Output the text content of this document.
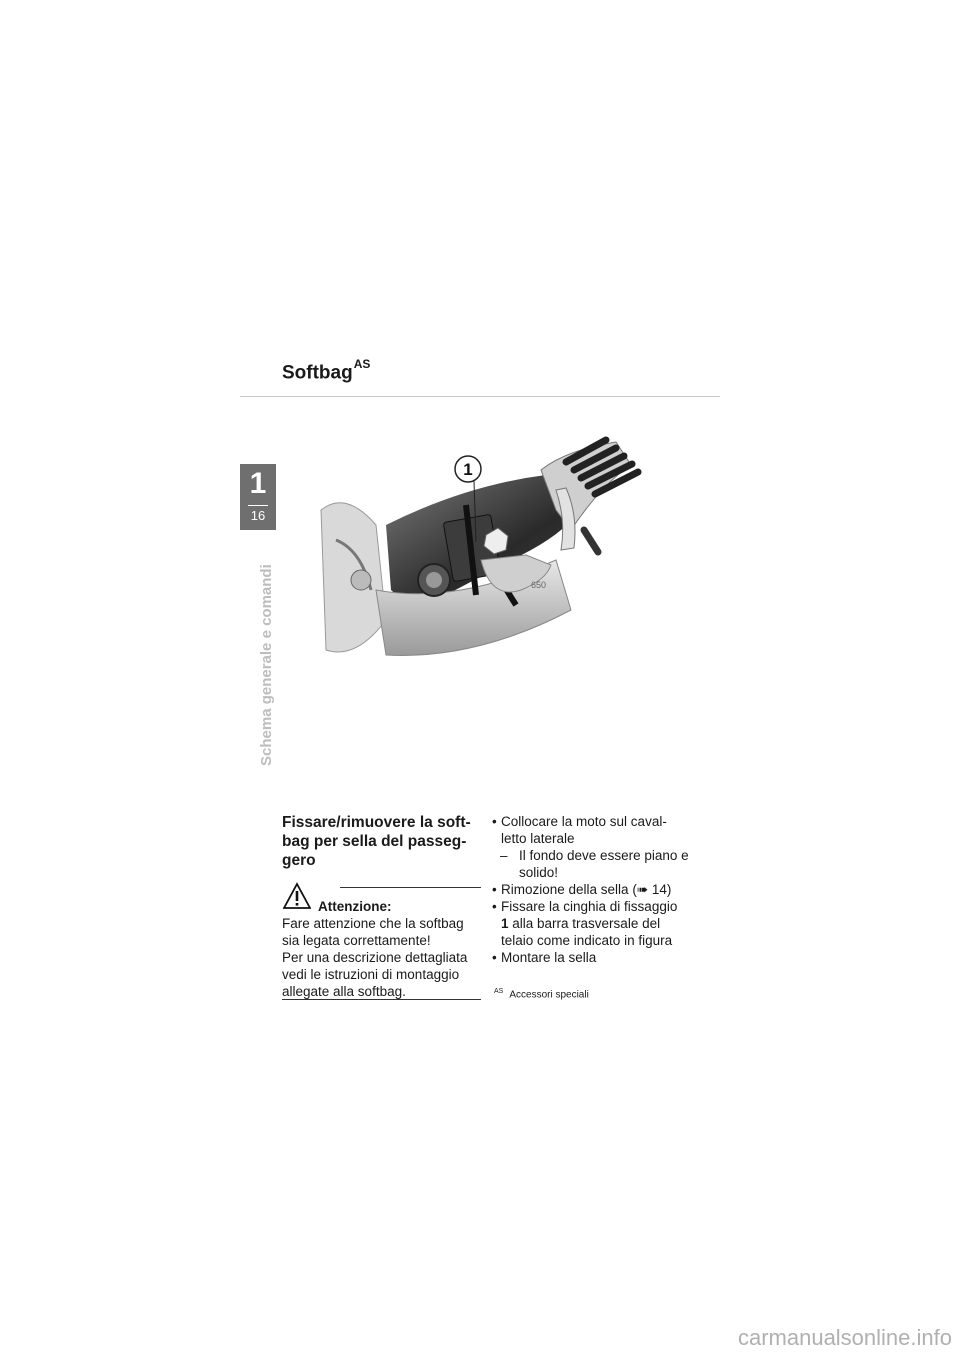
Softbag$^{AS}$
1
16
Schema generale e comandi	650
1
Fissare/rimuovere la soft-bag per sella del passeg-gero
Attenzione:
Fare attenzione che la softbag
sia legata correttamente!
Per una descrizione dettagliata
vedi le istruzioni di montaggio
allegate alla softbag.
• Collocare la moto sul caval-
letto laterale
– Il fondo deve essere piano e
solido!
• Rimozione della sella (➠ 14)
• Fissare la cinghia di fissaggio
1 alla barra trasversale del
telaio come indicato in figura
• Montare la sella
$^{AS}$ Accessori speciali
carmanualsonline.info
